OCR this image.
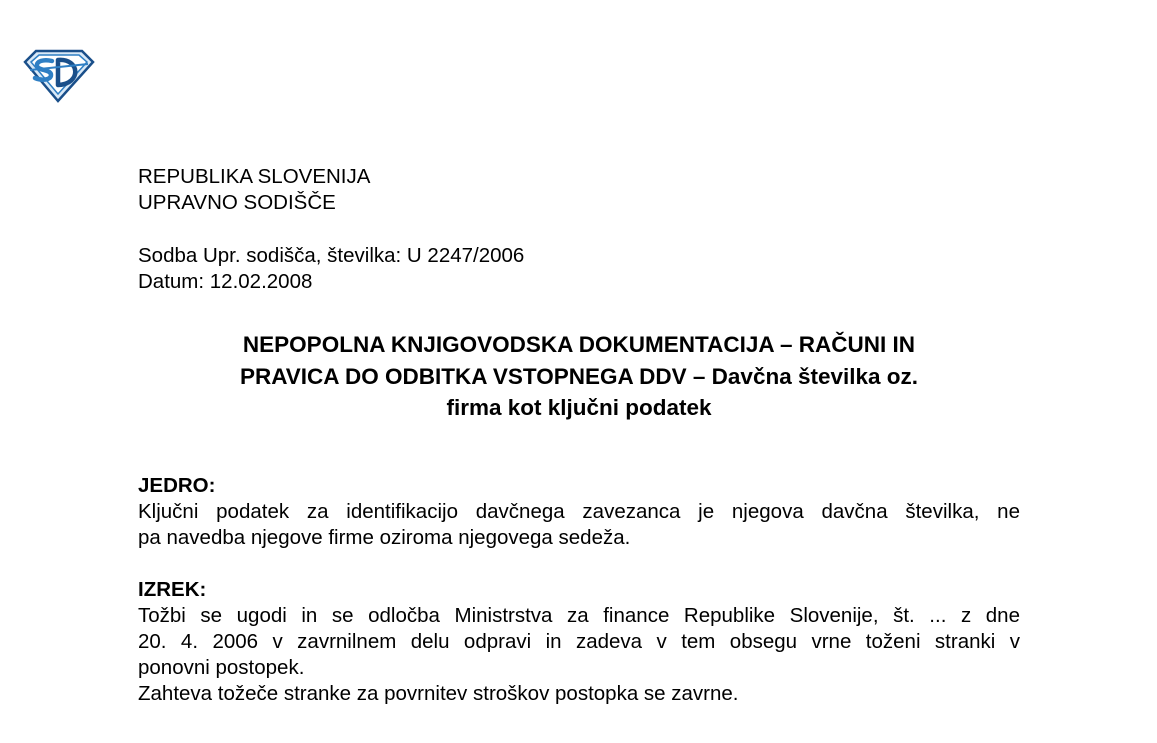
REPUBLIKA SLOVENIJA
UPRAVNO SODIŠČE
Sodba Upr. sodišča, številka: U 2247/2006
Datum: 12.02.2008
NEPOPOLNA KNJIGOVODSKA DOKUMENTACIJA – RAČUNI IN
PRAVICA DO ODBITKA VSTOPNEGA DDV – Davčna številka oz.
firma kot ključni podatek
JEDRO:
Ključni podatek za identifikacijo davčnega zavezanca je njegova davčna številka, ne
pa navedba njegove firme oziroma njegovega sedeža.
IZREK:
Tožbi se ugodi in se odločba Ministrstva za finance Republike Slovenije, št. ... z dne
20. 4. 2006 v zavrnilnem delu odpravi in zadeva v tem obsegu vrne toženi stranki v
ponovni postopek.
Zahteva tožeče stranke za povrnitev stroškov postopka se zavrne.
